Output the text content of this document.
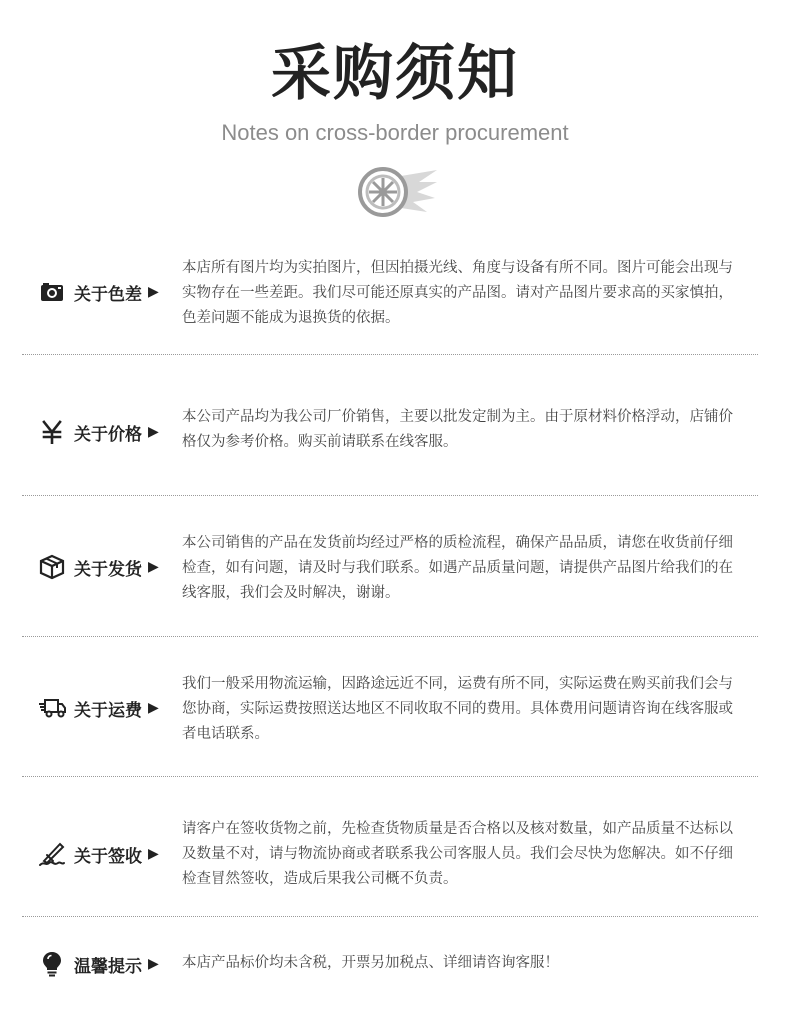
采购须知
Notes on cross-border procurement
关于色差 ▶
本店所有图片均为实拍图片，但因拍摄光线、角度与设备有所不同。图片可能会出现与实物存在一些差距。我们尽可能还原真实的产品图。请对产品图片要求高的买家慎拍，色差问题不能成为退换货的依据。
关于价格 ▶
本公司产品均为我公司厂价销售，主要以批发定制为主。由于原材料价格浮动，店铺价格仅为参考价格。购买前请联系在线客服。
关于发货 ▶
本公司销售的产品在发货前均经过严格的质检流程，确保产品品质，请您在收货前仔细检查，如有问题，请及时与我们联系。如遇产品质量问题，请提供产品图片给我们的在线客服，我们会及时解决，谢谢。
关于运费 ▶
我们一般采用物流运输，因路途远近不同，运费有所不同，实际运费在购买前我们会与您协商，实际运费按照送达地区不同收取不同的费用。具体费用问题请咨询在线客服或者电话联系。
关于签收 ▶
请客户在签收货物之前，先检查货物质量是否合格以及核对数量，如产品质量不达标以及数量不对，请与物流协商或者联系我公司客服人员。我们会尽快为您解决。如不仔细检查冒然签收，造成后果我公司概不负责。
温馨提示 ▶ 本店产品标价均未含税，开票另加税点、详细请咨询客服！
